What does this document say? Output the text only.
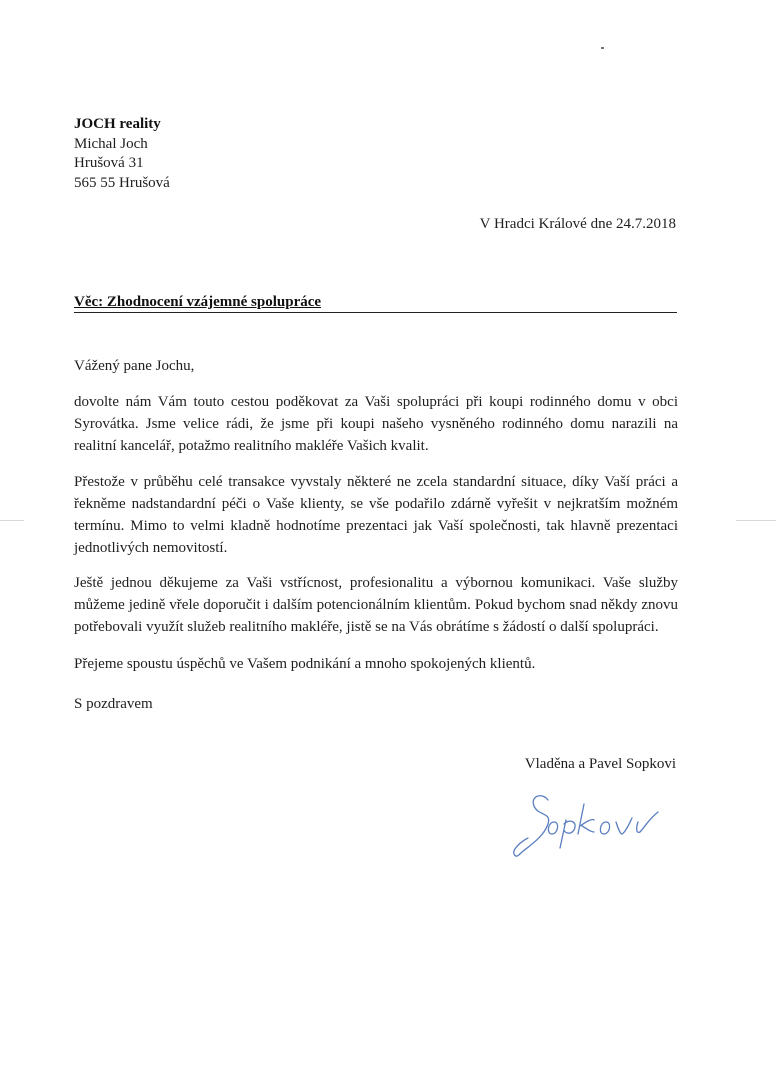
JOCH reality
Michal Joch
Hrušová 31
565 55 Hrušová
V Hradci Králové dne 24.7.2018
Věc: Zhodnocení vzájemné spolupráce
Vážený pane Jochu,
dovolte nám Vám touto cestou poděkovat za Vaši spolupráci při koupi rodinného domu v obci Syrovátka. Jsme velice rádi, že jsme při koupi našeho vysněného rodinného domu narazili na realitní kancelář, potažmo realitního makléře Vašich kvalit.
Přestože v průběhu celé transakce vyvstaly některé ne zcela standardní situace, díky Vaší práci a řekněme nadstandardní péči o Vaše klienty, se vše podařilo zdárně vyřešit v nejkratším možném termínu. Mimo to velmi kladně hodnotíme prezentaci jak Vaší společnosti, tak hlavně prezentaci jednotlivých nemovitostí.
Ještě jednou děkujeme za Vaši vstřícnost, profesionalitu a výbornou komunikaci. Vaše služby můžeme jedině vřele doporučit i dalším potencionálním klientům. Pokud bychom snad někdy znovu potřebovali využít služeb realitního makléře, jistě se na Vás obrátíme s žádostí o další spolupráci.
Přejeme spoustu úspěchů ve Vašem podnikání a mnoho spokojených klientů.
S pozdravem
Vladěna a Pavel Sopkovi
